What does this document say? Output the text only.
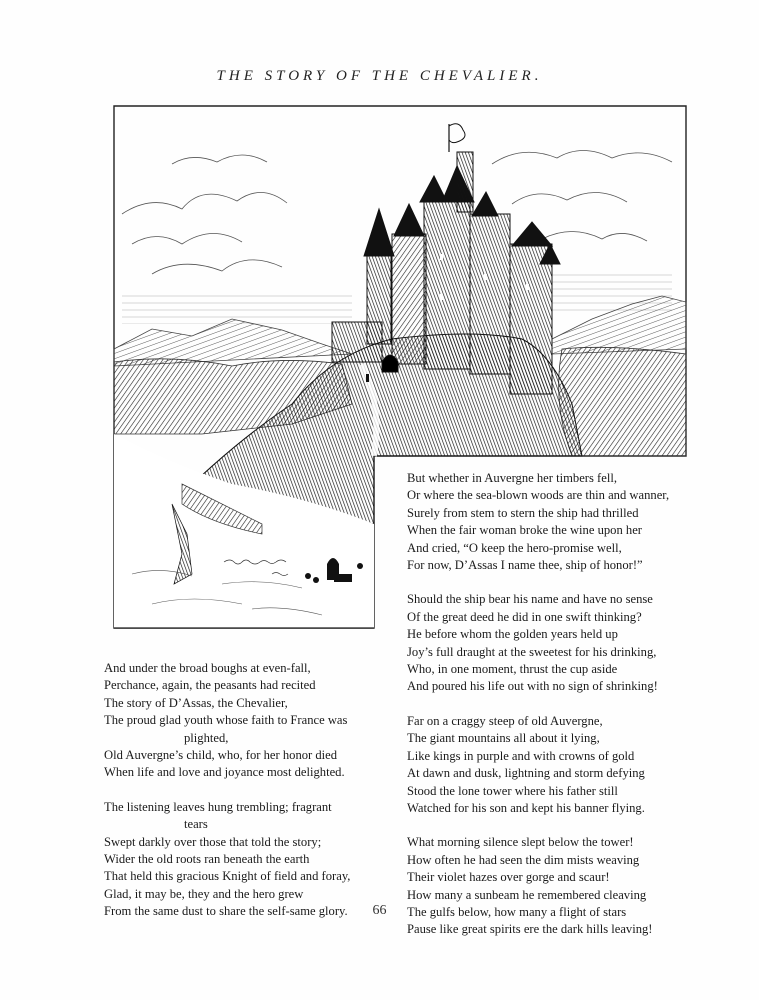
THE STORY OF THE CHEVALIER.
But whether in Auvergne her timbers fell,
Or where the sea-blown woods are thin and wanner,
Surely from stem to stern the ship had thrilled
When the fair woman broke the wine upon her
And cried, “O keep the hero-promise well,
For now, D’Assas I name thee, ship of honor!”
Should the ship bear his name and have no sense
Of the great deed he did in one swift thinking?
He before whom the golden years held up
Joy’s full draught at the sweetest for his drinking,
Who, in one moment, thrust the cup aside
And poured his life out with no sign of shrinking!
Far on a craggy steep of old Auvergne,
The giant mountains all about it lying,
Like kings in purple and with crowns of gold
At dawn and dusk, lightning and storm defying
Stood the lone tower where his father still
Watched for his son and kept his banner flying.
What morning silence slept below the tower!
How often he had seen the dim mists weaving
Their violet hazes over gorge and scaur!
How many a sunbeam he remembered cleaving
The gulfs below, how many a flight of stars
Pause like great spirits ere the dark hills leaving!
And under the broad boughs at even-fall,
Perchance, again, the peasants had recited
The story of D’Assas, the Chevalier,
The proud glad youth whose faith to France was
plighted,
Old Auvergne’s child, who, for her honor died
When life and love and joyance most delighted.
The listening leaves hung trembling; fragrant
tears
Swept darkly over those that told the story;
Wider the old roots ran beneath the earth
That held this gracious Knight of field and foray,
Glad, it may be, they and the hero grew
From the same dust to share the self-same glory.	66
